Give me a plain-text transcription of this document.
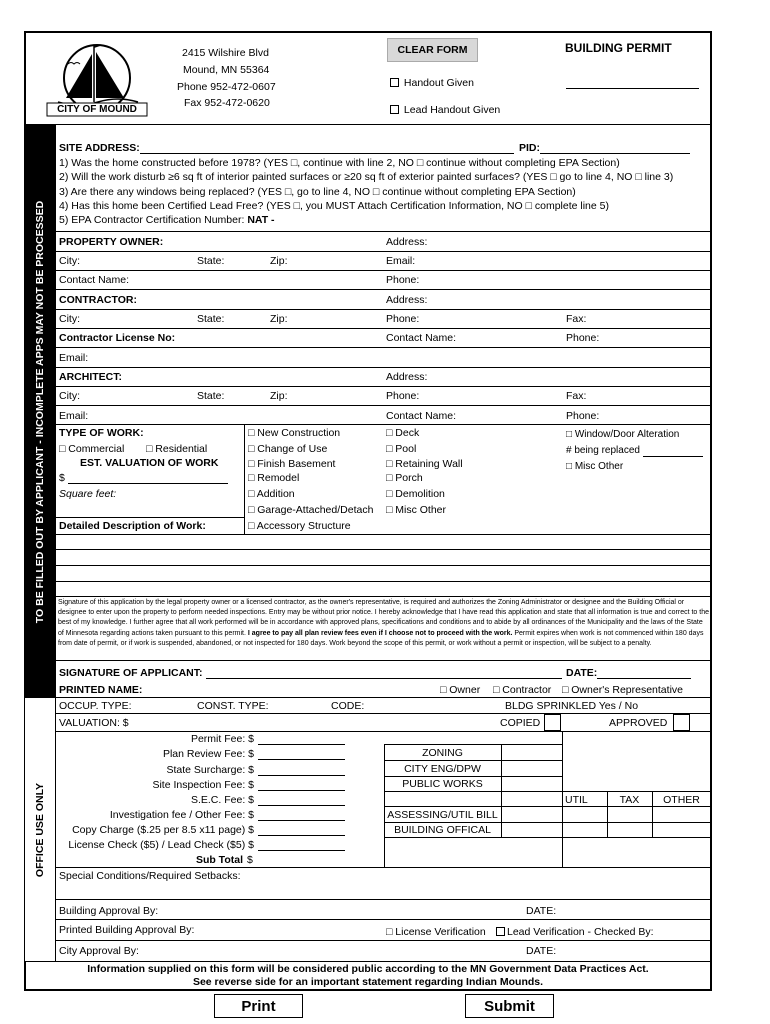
CITY OF MOUND
2415 Wilshire Blvd
Mound, MN 55364
Phone 952-472-0607
Fax 952-472-0620
CLEAR FORM	BUILDING PERMIT
Handout Given
Lead Handout Given
TO BE FILLED OUT BY APPLICANT - INCOMPLETE APPS MAY NOT BE PROCESSED
OFFICE USE ONLY
SITE ADDRESS:	PID:
1) Was the home constructed before 1978? (YES □, continue with line 2, NO □ continue without completing EPA Section)
2) Will the work disturb ≥6 sq ft of interior painted surfaces or ≥20 sq ft of exterior painted surfaces? (YES □ go to line 4, NO □ line 3)
3) Are there any windows being replaced? (YES □, go to line 4, NO □ continue without completing EPA Section)
4) Has this home been Certified Lead Free? (YES □, you MUST Attach Certification Information, NO □ complete line 5)
5) EPA Contractor Certification Number: NAT -
PROPERTY OWNER:	Address:
City:	State:	Zip:	Email:
Contact Name:	Phone:
CONTRACTOR:	Address:
City:	State:	Zip:	Phone:	Fax:
Contractor License No:	Contact Name:	Phone:
Email:
ARCHITECT:	Address:
City:	State:	Zip:	Phone:	Fax:
Email:	Contact Name:	Phone:
TYPE OF WORK:
□ Commercial □ Residential
EST. VALUATION OF WORK
$
Square feet:
Detailed Description of Work:
□ New Construction
□ Change of Use
□ Finish Basement
□ Remodel
□ Addition
□ Garage-Attached/Detach
□ Accessory Structure
□ Deck
□ Pool
□ Retaining Wall
□ Porch
□ Demolition
□ Misc Other
□ Window/Door Alteration
# being replaced
□ Misc Other
Signature of this application by the legal property owner or a licensed contractor, as the owner's representative, is required and authorizes the Zoning Administrator or designee and the Building Official or designee to enter upon the property to perform needed inspections. Entry may be without prior notice. I hereby acknowledge that I have read this application and state that all information is true and correct to the best of my knowledge. I further agree that all work performed will be in accordance with approved plans, specifications and conditions and to abide by all ordinances of the Municipality and the laws of the State of Minnesota regarding actions taken pursuant to this permit. I agree to pay all plan review fees even if I choose not to proceed with the work. Permit expires when work is not commenced within 180 days from date of permit, or if work is suspended, abandoned, or not inspected for 180 days. Work beyond the scope of this permit, or work without a permit or inspection, will be subject to a penalty.
SIGNATURE OF APPLICANT:	DATE:
PRINTED NAME:	□ Owner □ Contractor □ Owner's Representative
OCCUP. TYPE:	CONST. TYPE:	CODE:	BLDG SPRINKLED Yes / No
VALUATION: $	COPIED	APPROVED
Permit Fee: $
Plan Review Fee: $
State Surcharge: $
Site Inspection Fee: $
S.E.C. Fee: $
Investigation fee / Other Fee: $
Copy Charge ($.25 per 8.5 x11 page) $
License Check ($5) / Lead Check ($5) $
Sub Total $
ZONING
CITY ENG/DPW
PUBLIC WORKS
UTIL	TAX	OTHER
ASSESSING/UTIL BILL
BUILDING OFFICAL
Special Conditions/Required Setbacks:
Building Approval By:	DATE:
Printed Building Approval By:	□ License Verification	Lead Verification - Checked By:
City Approval By:	DATE:
Information supplied on this form will be considered public according to the MN Government Data Practices Act.
See reverse side for an important statement regarding Indian Mounds.
Print	Submit
